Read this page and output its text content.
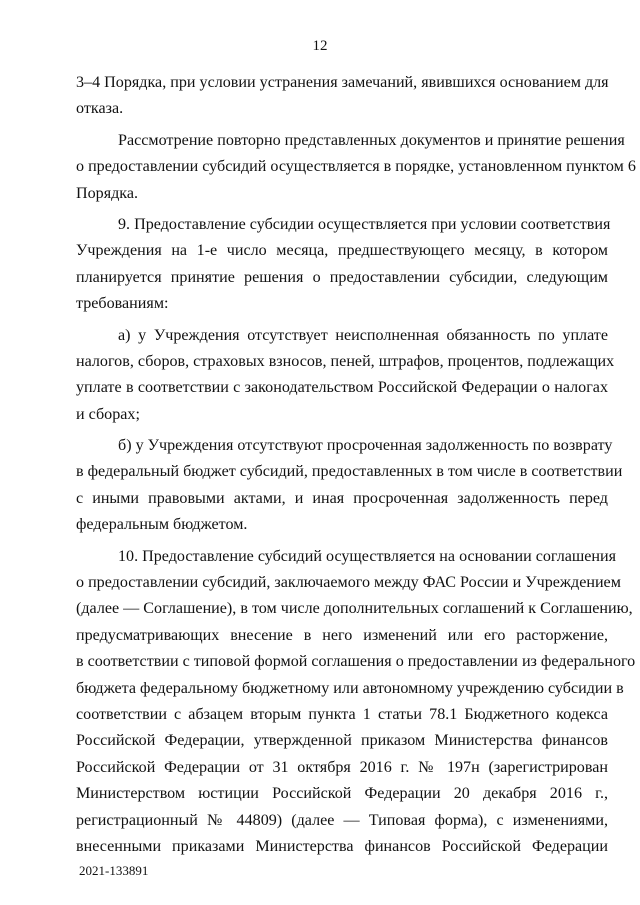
12
3–4 Порядка, при условии устранения замечаний, явившихся основанием для
отказа.
Рассмотрение повторно представленных документов и принятие решения
о предоставлении субсидий осуществляется в порядке, установленном пунктом 6
Порядка.
9. Предоставление субсидии осуществляется при условии соответствия
Учреждения на 1-е число месяца, предшествующего месяцу, в котором
планируется принятие решения о предоставлении субсидии, следующим
требованиям:
а) у Учреждения отсутствует неисполненная обязанность по уплате
налогов, сборов, страховых взносов, пеней, штрафов, процентов, подлежащих
уплате в соответствии с законодательством Российской Федерации о налогах
и сборах;
б) у Учреждения отсутствуют просроченная задолженность по возврату
в федеральный бюджет субсидий, предоставленных в том числе в соответствии
с иными правовыми актами, и иная просроченная задолженность перед
федеральным бюджетом.
10. Предоставление субсидий осуществляется на основании соглашения
о предоставлении субсидий, заключаемого между ФАС России и Учреждением
(далее — Соглашение), в том числе дополнительных соглашений к Соглашению,
предусматривающих внесение в него изменений или его расторжение,
в соответствии с типовой формой соглашения о предоставлении из федерального
бюджета федеральному бюджетному или автономному учреждению субсидии в
соответствии с абзацем вторым пункта 1 статьи 78.1 Бюджетного кодекса
Российской Федерации, утвержденной приказом Министерства финансов
Российской Федерации от 31 октября 2016 г. № 197н (зарегистрирован
Министерством юстиции Российской Федерации 20 декабря 2016 г.,
регистрационный № 44809) (далее — Типовая форма), с изменениями,
внесенными приказами Министерства финансов Российской Федерации
2021-133891
